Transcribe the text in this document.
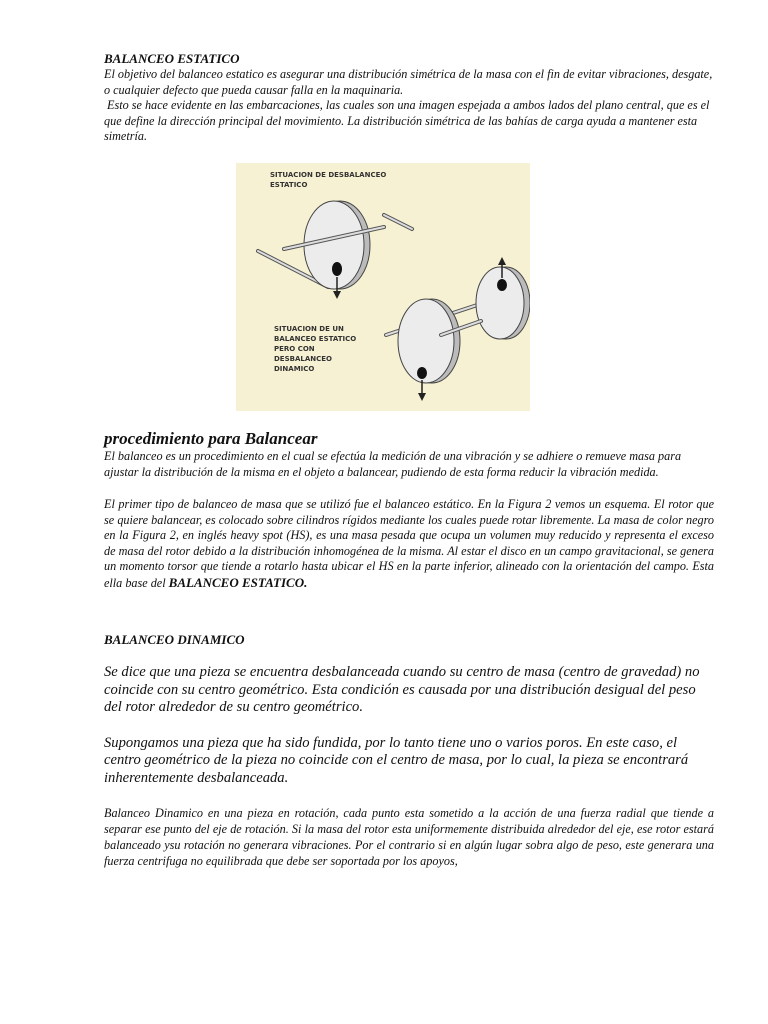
BALANCEO ESTATICO

El objetivo del balanceo estatico es asegurar una distribución simétrica de la masa con el fin de evitar vibraciones, desgate, o cualquier defecto que pueda causar falla en la maquinaria.

Esto se hace evidente en las embarcaciones, las cuales son una imagen espejada a ambos lados del plano central, que es el que define la dirección principal del movimiento. La distribución simétrica de las bahías de carga ayuda a mantener esta simetría.

SITUACION DE DESBALANCEO
ESTATICO
SITUACION DE UN
BALANCEO ESTATICO
PERO CON
DESBALANCEO
DINAMICO
procedimiento para Balancear

El balanceo es un procedimiento en el cual se efectúa la medición de una vibración y se adhiere o remueve masa para ajustar la distribución de la misma en el objeto a balancear, pudiendo de esta forma reducir la vibración medida.

El primer tipo de balanceo de masa que se utilizó fue el balanceo estático. En la Figura 2 vemos un esquema. El rotor que se quiere balancear, es colocado sobre cilindros rígidos mediante los cuales puede rotar libremente. La masa de color negro en la Figura 2, en inglés heavy spot (HS), es una masa pesada que ocupa un volumen muy reducido y representa el exceso de masa del rotor debido a la distribución inhomogénea de la misma. Al estar el disco en un campo gravitacional, se genera un momento torsor que tiende a rotarlo hasta ubicar el HS en la parte inferior, alineado con la orientación del campo. Esta ella base del BALANCEO ESTATICO.

BALANCEO DINAMICO

Se dice que una pieza se encuentra desbalanceada cuando su centro de masa (centro de gravedad) no coincide con su centro geométrico. Esta condición es causada por una distribución desigual del peso del rotor alrededor de su centro geométrico.

Supongamos una pieza que ha sido fundida, por lo tanto tiene uno o varios poros. En este caso, el centro geométrico de la pieza no coincide con el centro de masa, por lo cual, la pieza se encontrará inherentemente desbalanceada.

Balanceo Dinamico en una pieza en rotación, cada punto esta sometido a la acción de una fuerza radial que tiende a separar ese punto del eje de rotación. Si la masa del rotor esta uniformemente distribuida alrededor del eje, ese rotor estará balanceado ysu rotación no generara vibraciones. Por el contrario si en algún lugar sobra algo de peso, este generara una fuerza centrifuga no equilibrada que debe ser soportada por los apoyos,
